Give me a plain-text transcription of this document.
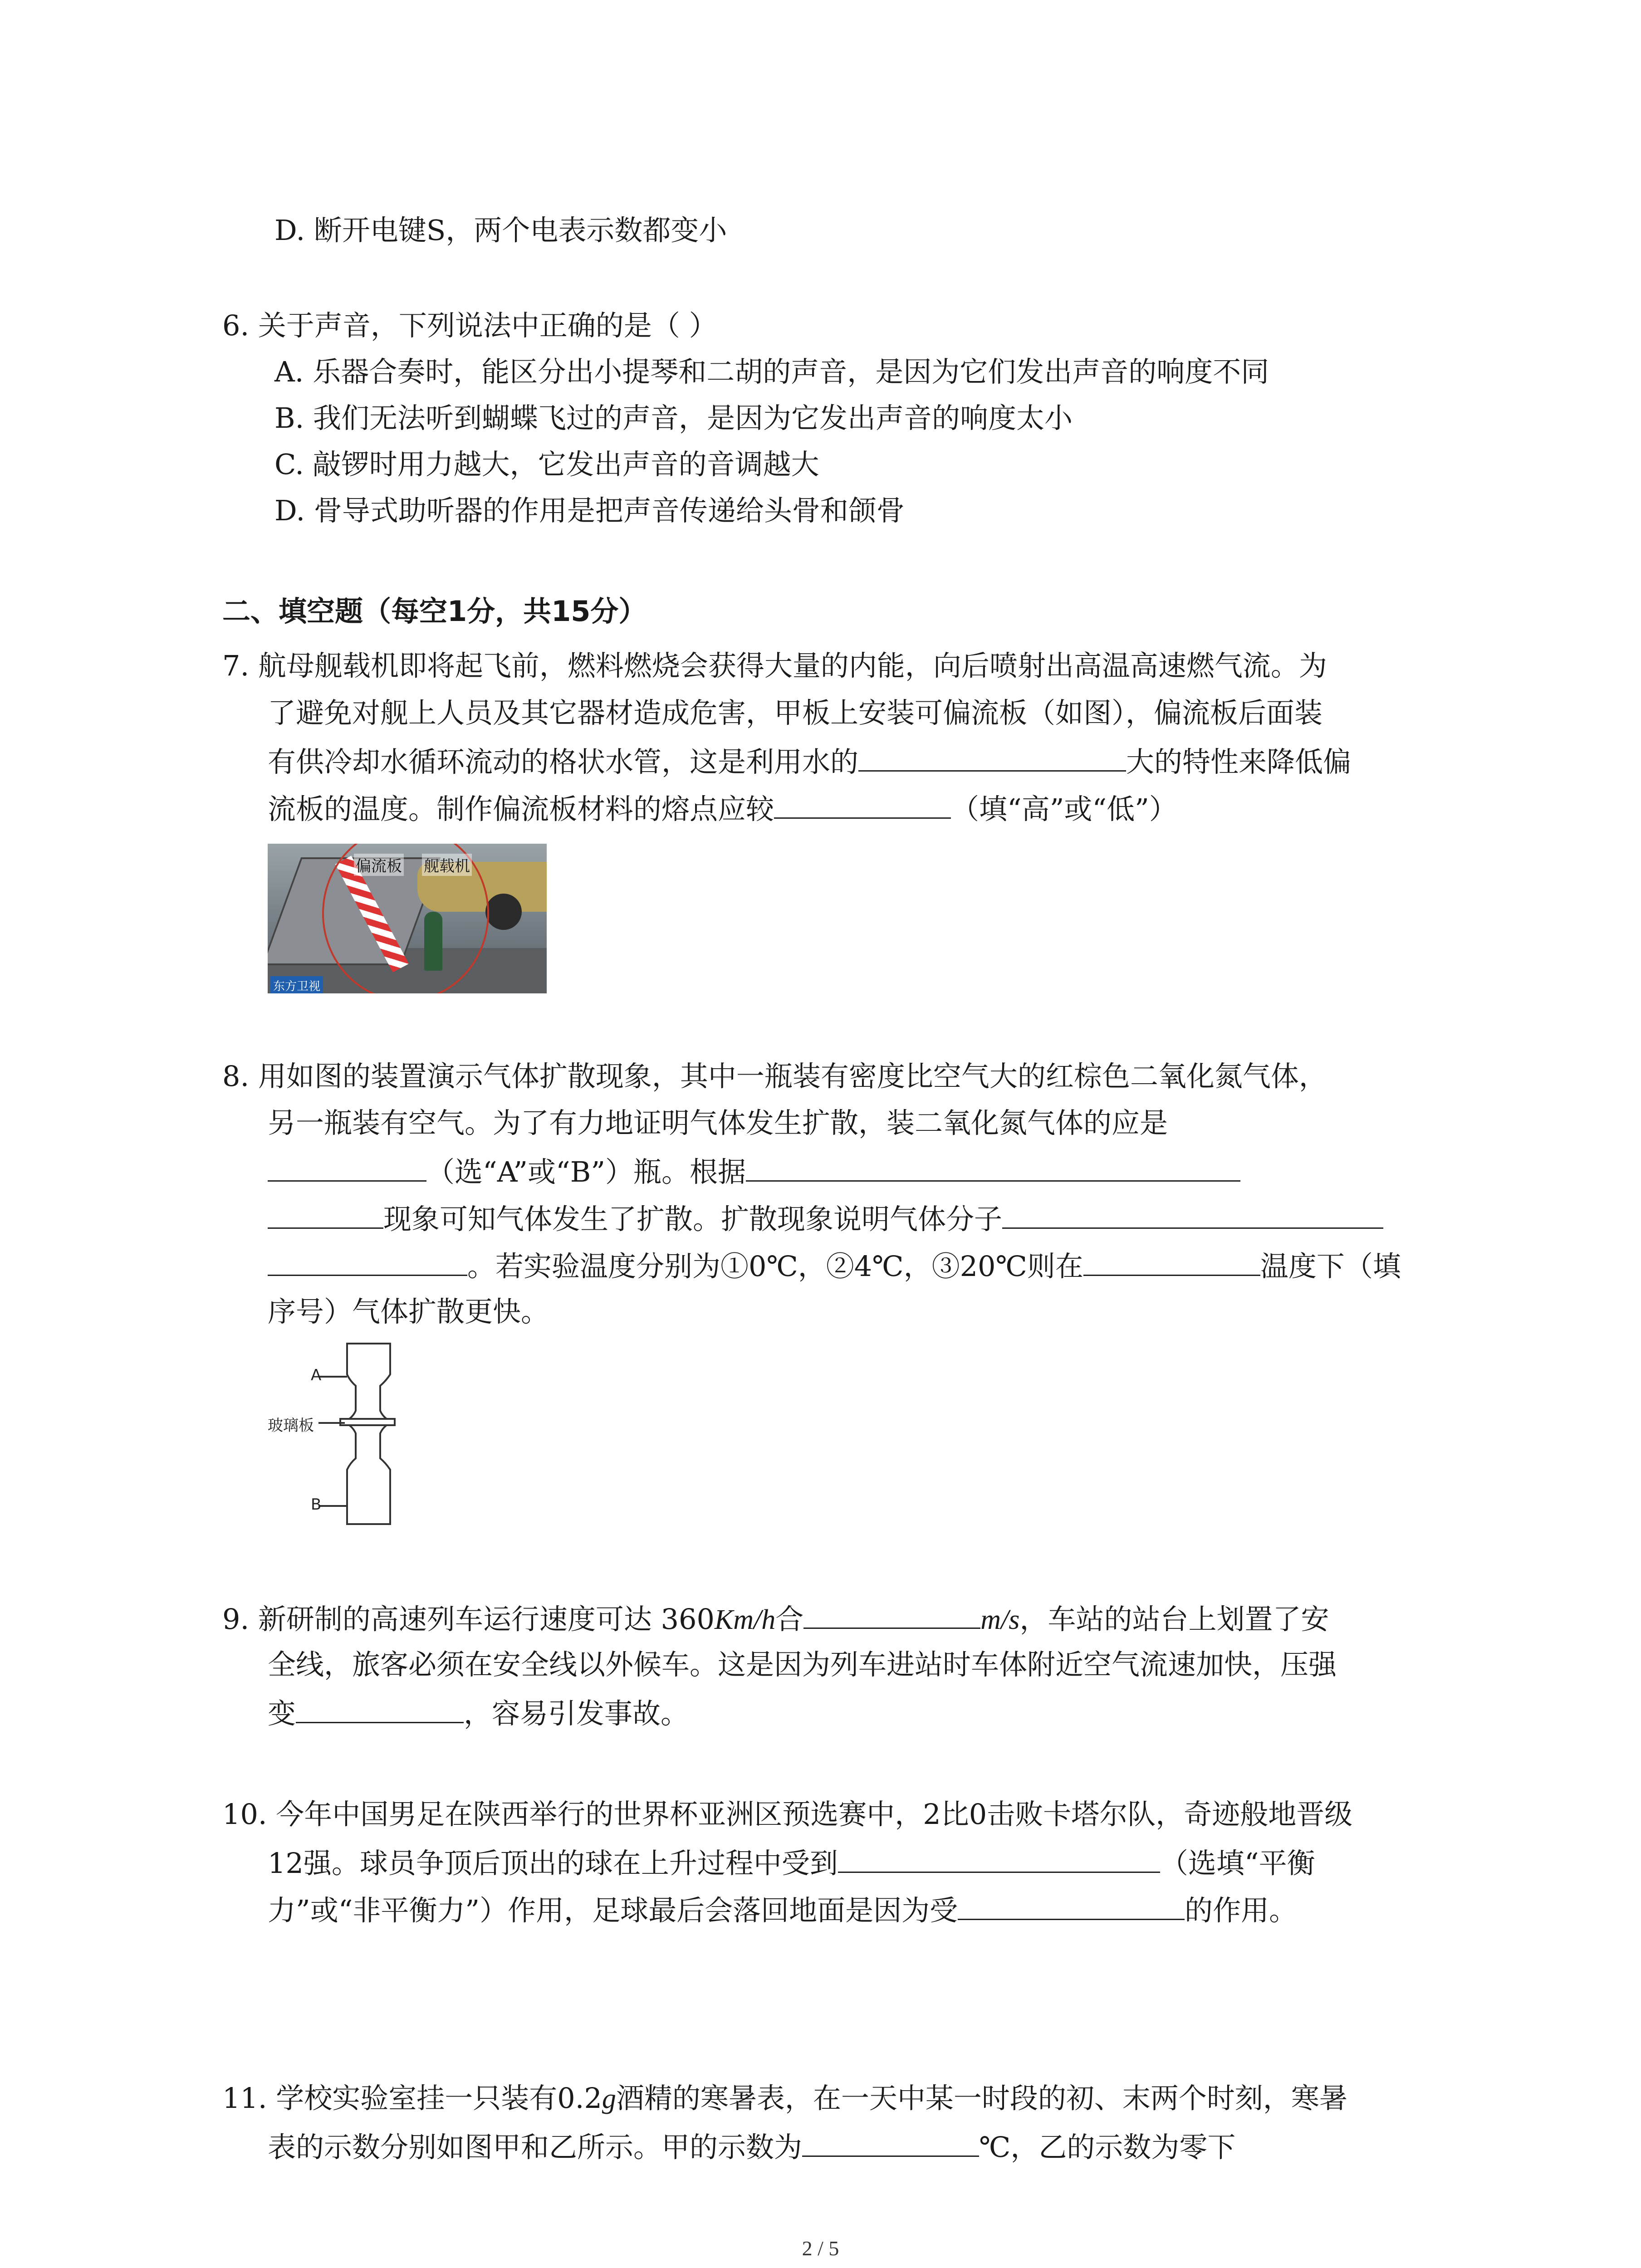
D. 断开电键S，两个电表示数都变小
6. 关于声音，下列说法中正确的是（ ）
A. 乐器合奏时，能区分出小提琴和二胡的声音，是因为它们发出声音的响度不同
B. 我们无法听到蝴蝶飞过的声音，是因为它发出声音的响度太小
C. 敲锣时用力越大，它发出声音的音调越大
D. 骨导式助听器的作用是把声音传递给头骨和颌骨
二、填空题（每空1分，共15分）
7. 航母舰载机即将起飞前，燃料燃烧会获得大量的内能，向后喷射出高温高速燃气流。为
了避免对舰上人员及其它器材造成危害，甲板上安装可偏流板（如图），偏流板后面装
有供冷却水循环流动的格状水管，这是利用水的	大的特性来降低偏
流板的温度。制作偏流板材料的熔点应较	（填“高”或“低”）
偏流板 舰载机
东方卫视
8. 用如图的装置演示气体扩散现象，其中一瓶装有密度比空气大的红棕色二氧化氮气体，
另一瓶装有空气。为了有力地证明气体发生扩散，装二氧化氮气体的应是
（选“A”或“B”）瓶。根据
现象可知气体发生了扩散。扩散现象说明气体分子
。若实验温度分别为①0℃，②4℃，③20℃则在	温度下（填
序号）气体扩散更快。
A
玻璃板
B
9. 新研制的高速列车运行速度可达 360Km/h合	m/s，车站的站台上划置了安
全线，旅客必须在安全线以外候车。这是因为列车进站时车体附近空气流速加快，压强
变	，容易引发事故。
10. 今年中国男足在陕西举行的世界杯亚洲区预选赛中，2比0击败卡塔尔队，奇迹般地晋级
12强。球员争顶后顶出的球在上升过程中受到	（选填“平衡
力”或“非平衡力”）作用，足球最后会落回地面是因为受	的作用。
11. 学校实验室挂一只装有0.2g酒精的寒暑表，在一天中某一时段的初、末两个时刻，寒暑
表的示数分别如图甲和乙所示。甲的示数为	℃，乙的示数为零下
2 / 5
